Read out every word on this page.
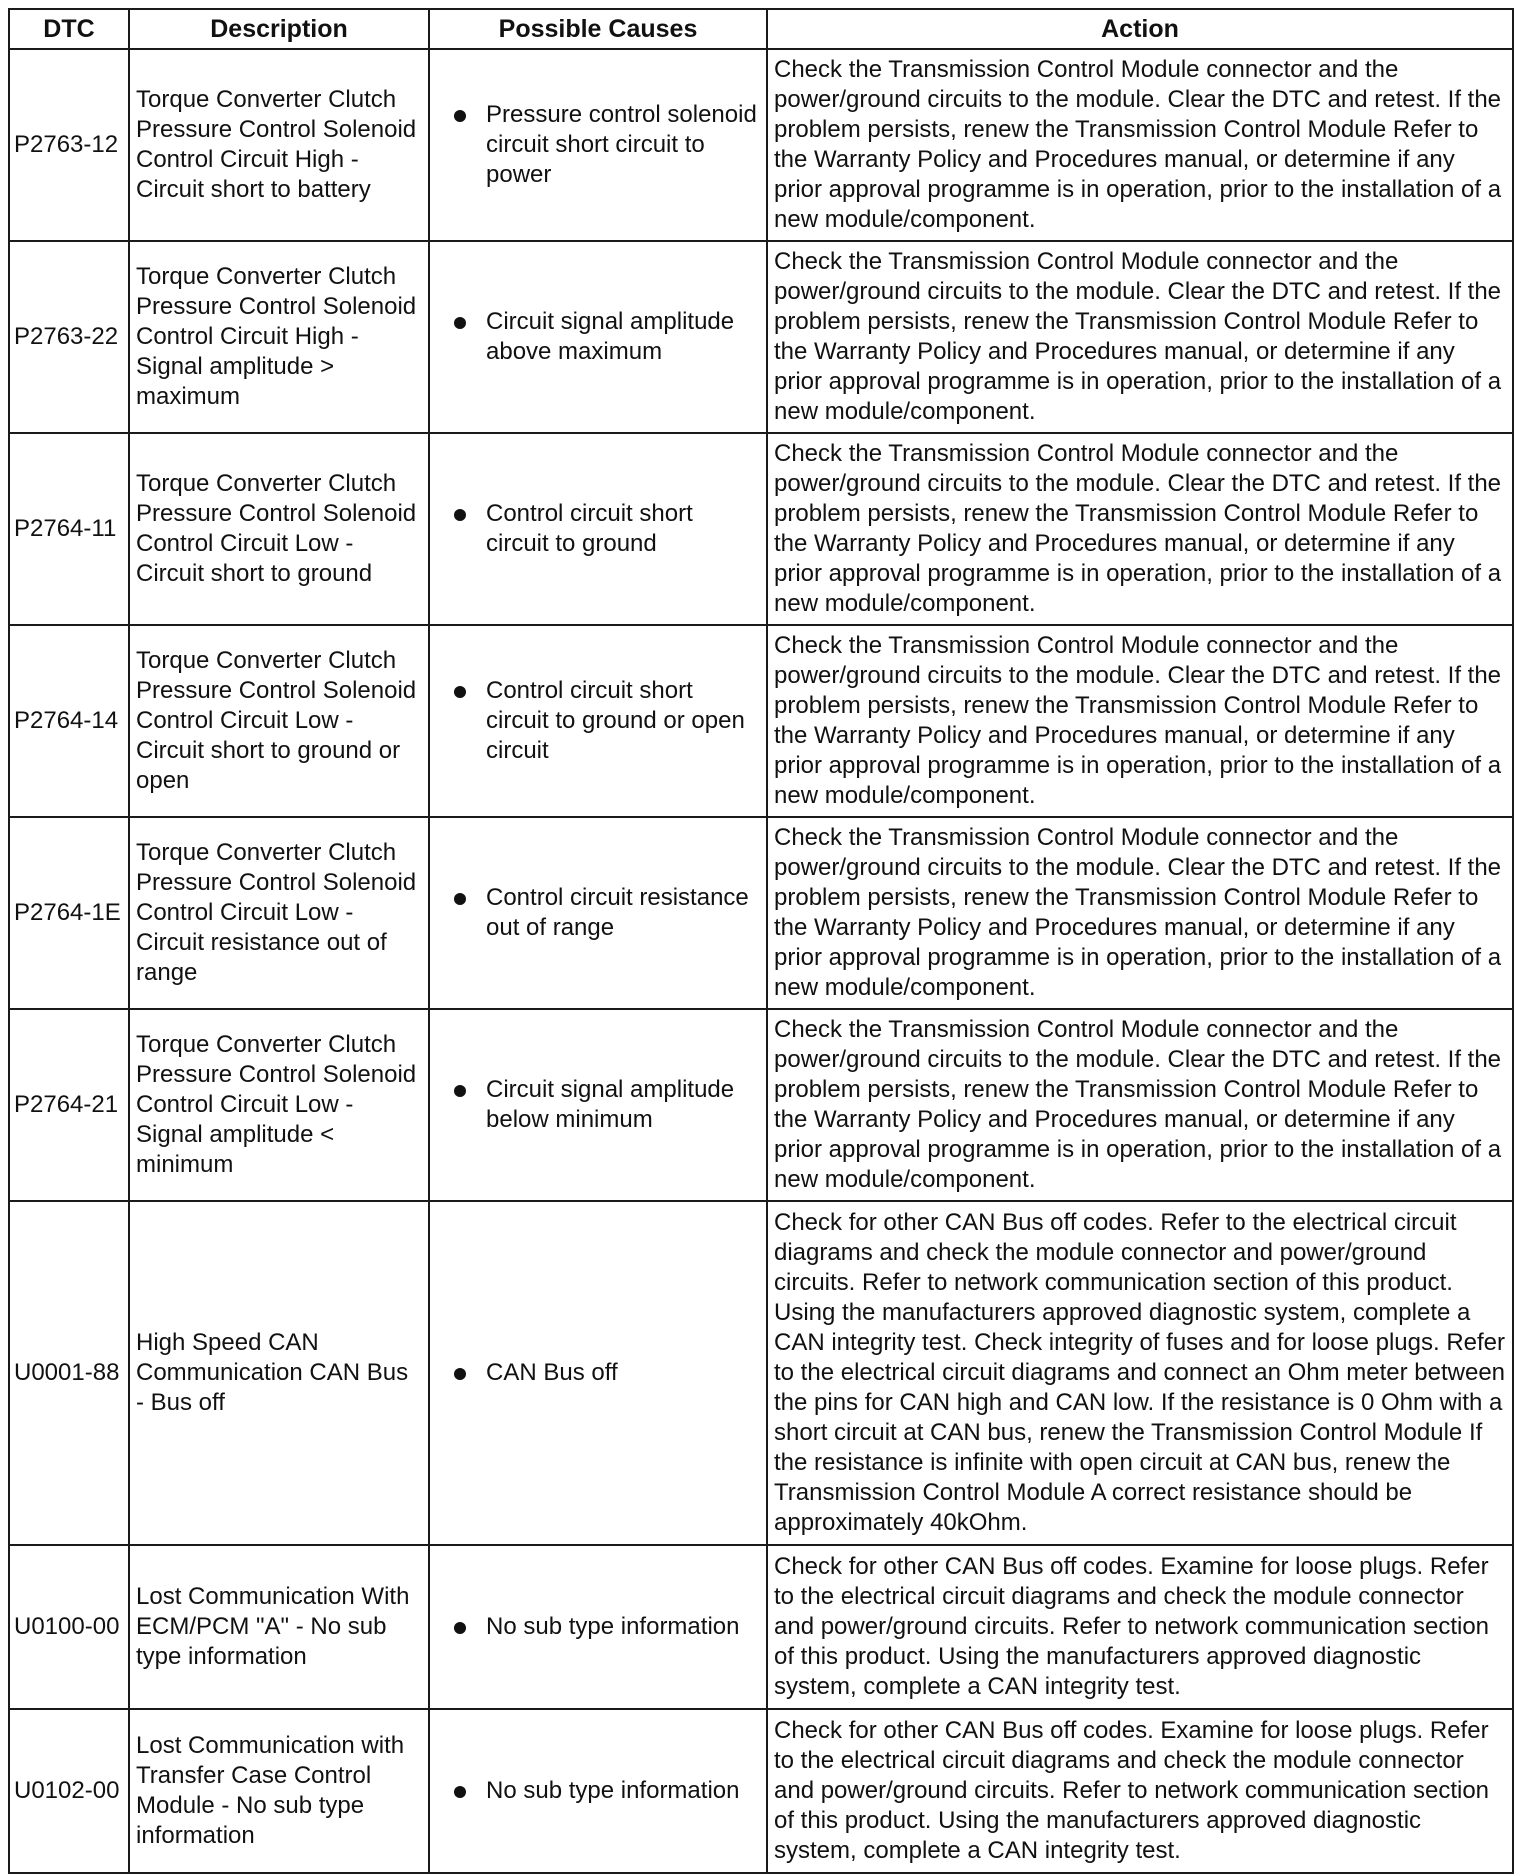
DTC	Description	Possible Causes	Action
P2763-12	Torque Converter Clutch Pressure Control Solenoid Control Circuit High - Circuit short to battery	Pressure control solenoid circuit short circuit to power	Check the Transmission Control Module connector and the power/ground circuits to the module. Clear the DTC and retest. If the problem persists, renew the Transmission Control Module Refer to the Warranty Policy and Procedures manual, or determine if any prior approval programme is in operation, prior to the installation of a new module/component.
P2763-22	Torque Converter Clutch Pressure Control Solenoid Control Circuit High - Signal amplitude > maximum	Circuit signal amplitude above maximum	Check the Transmission Control Module connector and the power/ground circuits to the module. Clear the DTC and retest. If the problem persists, renew the Transmission Control Module Refer to the Warranty Policy and Procedures manual, or determine if any prior approval programme is in operation, prior to the installation of a new module/component.
P2764-11	Torque Converter Clutch Pressure Control Solenoid Control Circuit Low - Circuit short to ground	Control circuit short circuit to ground	Check the Transmission Control Module connector and the power/ground circuits to the module. Clear the DTC and retest. If the problem persists, renew the Transmission Control Module Refer to the Warranty Policy and Procedures manual, or determine if any prior approval programme is in operation, prior to the installation of a new module/component.
P2764-14	Torque Converter Clutch Pressure Control Solenoid Control Circuit Low - Circuit short to ground or open	Control circuit short circuit to ground or open circuit	Check the Transmission Control Module connector and the power/ground circuits to the module. Clear the DTC and retest. If the problem persists, renew the Transmission Control Module Refer to the Warranty Policy and Procedures manual, or determine if any prior approval programme is in operation, prior to the installation of a new module/component.
P2764-1E	Torque Converter Clutch Pressure Control Solenoid Control Circuit Low - Circuit resistance out of range	Control circuit resistance out of range	Check the Transmission Control Module connector and the power/ground circuits to the module. Clear the DTC and retest. If the problem persists, renew the Transmission Control Module Refer to the Warranty Policy and Procedures manual, or determine if any prior approval programme is in operation, prior to the installation of a new module/component.
P2764-21	Torque Converter Clutch Pressure Control Solenoid Control Circuit Low - Signal amplitude < minimum	Circuit signal amplitude below minimum	Check the Transmission Control Module connector and the power/ground circuits to the module. Clear the DTC and retest. If the problem persists, renew the Transmission Control Module Refer to the Warranty Policy and Procedures manual, or determine if any prior approval programme is in operation, prior to the installation of a new module/component.
U0001-88	High Speed CAN Communication CAN Bus - Bus off	CAN Bus off	Check for other CAN Bus off codes. Refer to the electrical circuit diagrams and check the module connector and power/ground circuits. Refer to network communication section of this product. Using the manufacturers approved diagnostic system, complete a CAN integrity test. Check integrity of fuses and for loose plugs. Refer to the electrical circuit diagrams and connect an Ohm meter between the pins for CAN high and CAN low. If the resistance is 0 Ohm with a short circuit at CAN bus, renew the Transmission Control Module If the resistance is infinite with open circuit at CAN bus, renew the Transmission Control Module A correct resistance should be approximately 40kOhm.
U0100-00	Lost Communication With ECM/PCM "A" - No sub type information	No sub type information	Check for other CAN Bus off codes. Examine for loose plugs. Refer to the electrical circuit diagrams and check the module connector and power/ground circuits. Refer to network communication section of this product. Using the manufacturers approved diagnostic system, complete a CAN integrity test.
U0102-00	Lost Communication with Transfer Case Control Module - No sub type information	No sub type information	Check for other CAN Bus off codes. Examine for loose plugs. Refer to the electrical circuit diagrams and check the module connector and power/ground circuits. Refer to network communication section of this product. Using the manufacturers approved diagnostic system, complete a CAN integrity test.
